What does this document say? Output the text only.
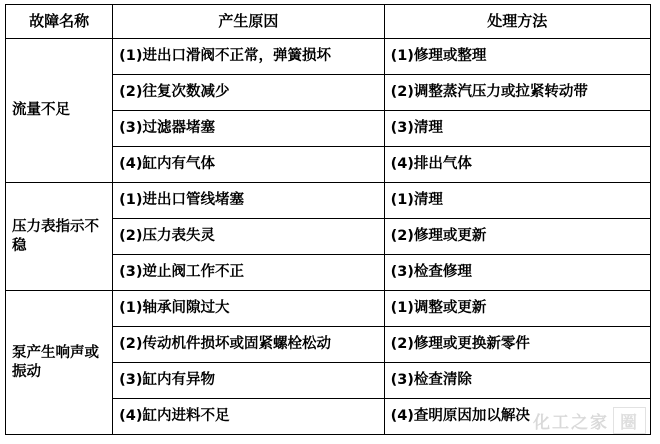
故障名称	产生原因	处理方法
流量不足	(1)进出口滑阀不正常，弹簧损坏	(1)修理或整理
	(2)往复次数减少	(2)调整蒸汽压力或拉紧转动带
	(3)过滤器堵塞	(3)清理
	(4)缸内有气体	(4)排出气体
压力表指示不稳	(1)进出口管线堵塞	(1)清理
	(2)压力表失灵	(2)修理或更新
	(3)逆止阀工作不正	(3)检查修理
泵产生响声或振动	(1)轴承间隙过大	(1)调整或更新
	(2)传动机件损坏或固紧螺栓松动	(2)修理或更换新零件
	(3)缸内有异物	(3)检查清除
	(4)缸内进料不足	(4)查明原因加以解决 化工之家 圈
